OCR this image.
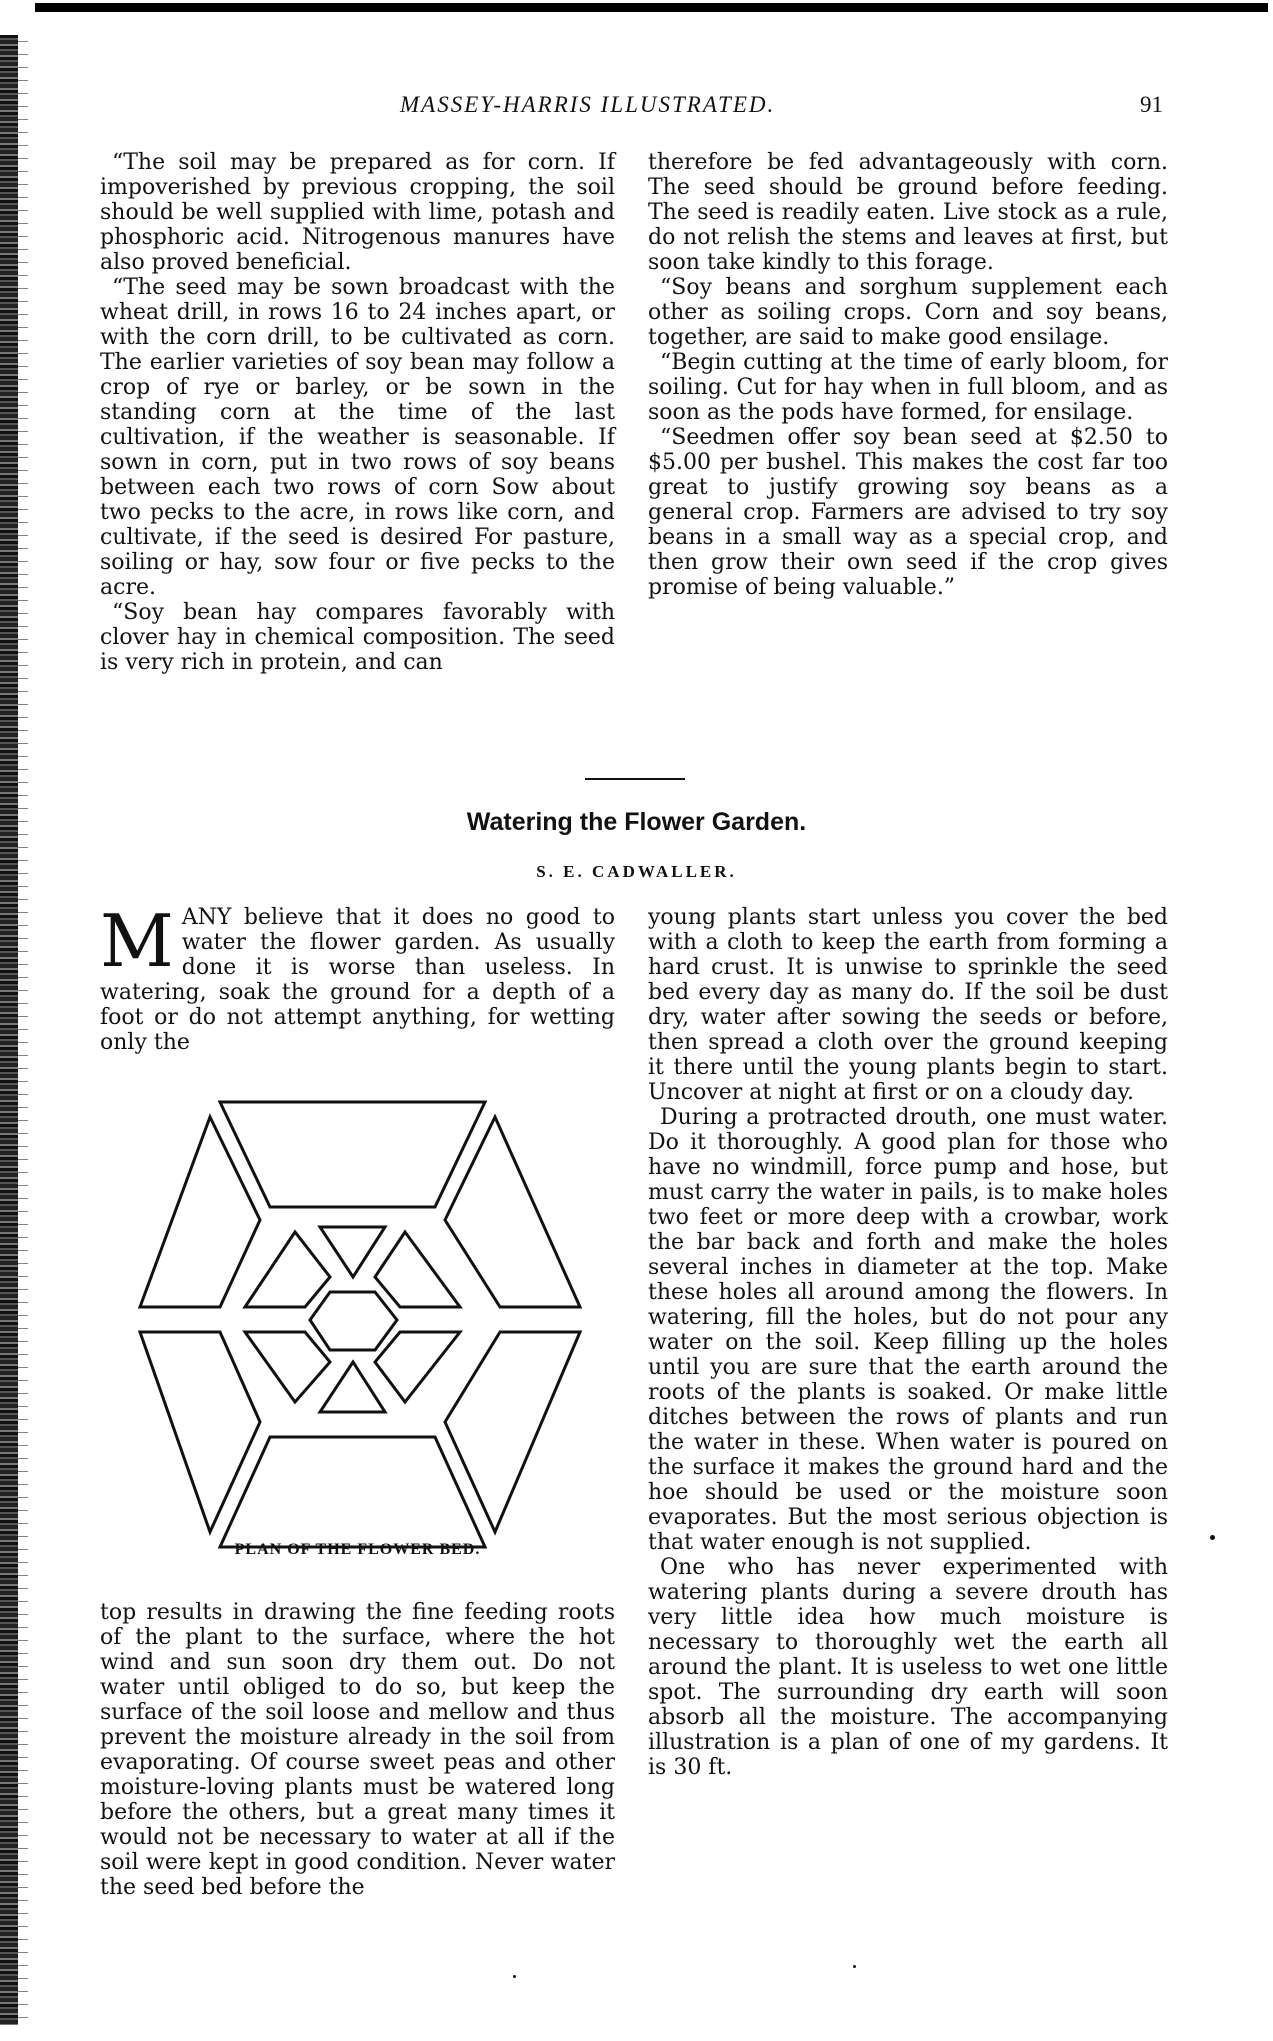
MASSEY-HARRIS ILLUSTRATED.	91

“The soil may be prepared as for corn. If impoverished by previous cropping, the soil should be well supplied with lime, potash and phosphoric acid. Nitrogenous manures have also proved beneficial.

“The seed may be sown broadcast with the wheat drill, in rows 16 to 24 inches apart, or with the corn drill, to be cultivated as corn. The earlier varieties of soy bean may follow a crop of rye or barley, or be sown in the standing corn at the time of the last cultivation, if the weather is seasonable. If sown in corn, put in two rows of soy beans between each two rows of corn Sow about two pecks to the acre, in rows like corn, and cultivate, if the seed is desired For pasture, soiling or hay, sow four or five pecks to the acre.

“Soy bean hay compares favorably with clover hay in chemical composition. The seed is very rich in protein, and can

therefore be fed advantageously with corn. The seed should be ground before feeding. The seed is readily eaten. Live stock as a rule, do not relish the stems and leaves at first, but soon take kindly to this forage.

“Soy beans and sorghum supplement each other as soiling crops. Corn and soy beans, together, are said to make good ensilage.

“Begin cutting at the time of early bloom, for soiling. Cut for hay when in full bloom, and as soon as the pods have formed, for ensilage.

“Seedmen offer soy bean seed at $2.50 to $5.00 per bushel. This makes the cost far too great to justify growing soy beans as a general crop. Farmers are advised to try soy beans in a small way as a special crop, and then grow their own seed if the crop gives promise of being valuable.”

Watering the Flower Garden.
S. E. CADWALLER.

MANY believe that it does no good to water the flower garden. As usually done it is worse than useless. In watering, soak the ground for a depth of a foot or do not attempt anything, for wetting only the

PLAN OF THE FLOWER BED.

top results in drawing the fine feeding roots of the plant to the surface, where the hot wind and sun soon dry them out. Do not water until obliged to do so, but keep the surface of the soil loose and mellow and thus prevent the moisture already in the soil from evaporating. Of course sweet peas and other moisture-loving plants must be watered long before the others, but a great many times it would not be necessary to water at all if the soil were kept in good condition. Never water the seed bed before the

young plants start unless you cover the bed with a cloth to keep the earth from forming a hard crust. It is unwise to sprinkle the seed bed every day as many do. If the soil be dust dry, water after sowing the seeds or before, then spread a cloth over the ground keeping it there until the young plants begin to start. Uncover at night at first or on a cloudy day.

During a protracted drouth, one must water. Do it thoroughly. A good plan for those who have no windmill, force pump and hose, but must carry the water in pails, is to make holes two feet or more deep with a crowbar, work the bar back and forth and make the holes several inches in diameter at the top. Make these holes all around among the flowers. In watering, fill the holes, but do not pour any water on the soil. Keep filling up the holes until you are sure that the earth around the roots of the plants is soaked. Or make little ditches between the rows of plants and run the water in these. When water is poured on the surface it makes the ground hard and the hoe should be used or the moisture soon evaporates. But the most serious objection is that water enough is not supplied.

One who has never experimented with watering plants during a severe drouth has very little idea how much moisture is necessary to thoroughly wet the earth all around the plant. It is useless to wet one little spot. The surrounding dry earth will soon absorb all the moisture. The accompanying illustration is a plan of one of my gardens. It is 30 ft.
